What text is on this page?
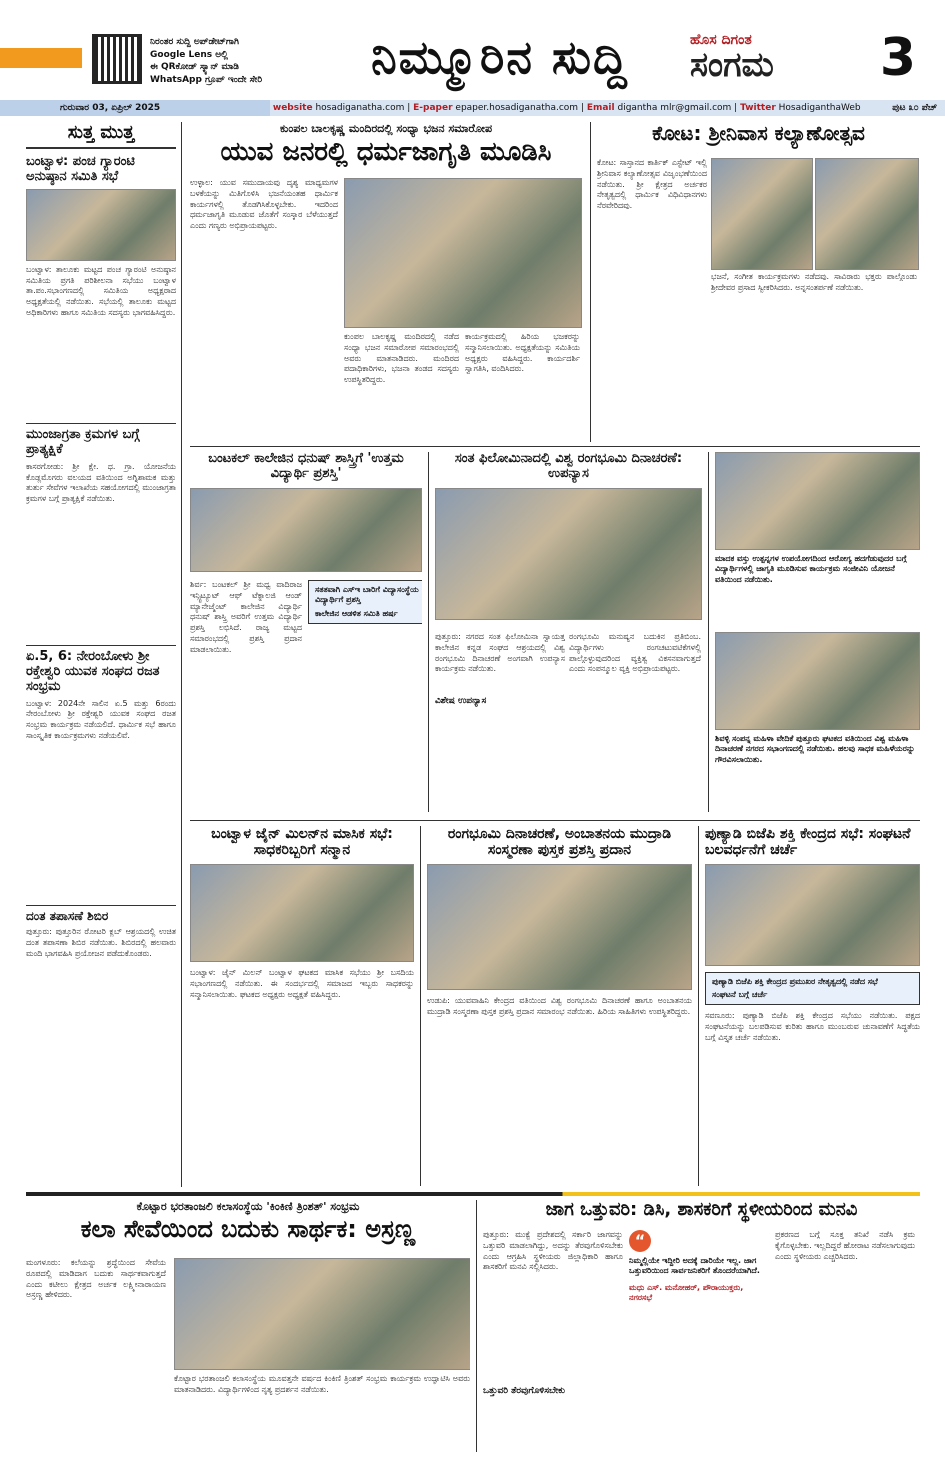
ನಿರಂತರ ಸುದ್ದಿ ಅಪ್‌ಡೇಟ್‌ಗಾಗಿ
Google Lens ಅಲ್ಲಿ
ಈ QRಕೋಡ್‌ ಸ್ಕ್ಯಾನ್ ಮಾಡಿ
WhatsApp ಗ್ರೂಪ್ ಇಂದೇ ಸೇರಿ	ನಿಮ್ಮೂರಿನ ಸುದ್ದಿ	ಹೊಸ ದಿಗಂತ
ಸಂಗಮ	3
ಗುರುವಾರ 03, ಏಪ್ರಿಲ್ 2025	website hosadiganatha.com | E-paper epaper.hosadiganatha.com | Email digantha mlr@gmail.com | Twitter HosadiganthaWeb	ಪುಟ ೩೦ ಪೆಚ್
ಸುತ್ತ ಮುತ್ತ
ಬಂಟ್ವಾಳ: ಪಂಚ ಗ್ಯಾರಂಟಿ ಅನುಷ್ಠಾನ ಸಮಿತಿ ಸಭೆ
ಬಂಟ್ವಾಳ: ತಾಲೂಕು ಮಟ್ಟದ ಪಂಚ ಗ್ಯಾರಂಟಿ ಅನುಷ್ಠಾನ ಸಮಿತಿಯ ಪ್ರಗತಿ ಪರಿಶೀಲನಾ ಸಭೆಯು ಬಂಟ್ವಾಳ ತಾ.ಪಂ.ಸಭಾಂಗಣದಲ್ಲಿ ಸಮಿತಿಯ ಅಧ್ಯಕ್ಷರಾದ ಅಧ್ಯಕ್ಷತೆಯಲ್ಲಿ ನಡೆಯಿತು. ಸಭೆಯಲ್ಲಿ ತಾಲೂಕು ಮಟ್ಟದ ಅಧಿಕಾರಿಗಳು ಹಾಗೂ ಸಮಿತಿಯ ಸದಸ್ಯರು ಭಾಗವಹಿಸಿದ್ದರು.
ಮುಂಜಾಗ್ರತಾ ಕ್ರಮಗಳ ಬಗ್ಗೆ ಪ್ರಾತ್ಯಕ್ಷಿಕೆ
ಕಾಸರಗೋಡು: ಶ್ರೀ ಕ್ಷೇ. ಧ. ಗ್ರಾ. ಯೋಜನೆಯ ಕೊಡ್ಲಮೊಗರು ವಲಯದ ವತಿಯಿಂದ ಅಗ್ನಿಶಾಮಕ ಮತ್ತು ತುರ್ತು ಸೇವೆಗಳ ಇಲಾಖೆಯ ಸಹಯೋಗದಲ್ಲಿ ಮುಂಜಾಗ್ರತಾ ಕ್ರಮಗಳ ಬಗ್ಗೆ ಪ್ರಾತ್ಯಕ್ಷಿಕೆ ನಡೆಯಿತು.
ಏ.5, 6: ನೇರಂಬೋಳು ಶ್ರೀ ರಕ್ತೇಶ್ವರಿ ಯುವಕ ಸಂಘದ ರಜತ ಸಂಭ್ರಮ
ಬಂಟ್ವಾಳ: 2024ನೇ ಸಾಲಿನ ಏ.5 ಮತ್ತು 6ರಂದು ನೇರಂಬೋಳು ಶ್ರೀ ರಕ್ತೇಶ್ವರಿ ಯುವಕ ಸಂಘದ ರಜತ ಸಂಭ್ರಮ ಕಾರ್ಯಕ್ರಮ ನಡೆಯಲಿದೆ. ಧಾರ್ಮಿಕ ಸಭೆ ಹಾಗೂ ಸಾಂಸ್ಕೃತಿಕ ಕಾರ್ಯಕ್ರಮಗಳು ನಡೆಯಲಿವೆ.
ದಂತ ತಪಾಸಣೆ ಶಿಬಿರ
ಪುತ್ತೂರು: ಪುತ್ತೂರಿನ ರೋಟರಿ ಕ್ಲಬ್ ಆಶ್ರಯದಲ್ಲಿ ಉಚಿತ ದಂತ ತಪಾಸಣಾ ಶಿಬಿರ ನಡೆಯಿತು. ಶಿಬಿರದಲ್ಲಿ ಹಲವಾರು ಮಂದಿ ಭಾಗವಹಿಸಿ ಪ್ರಯೋಜನ ಪಡೆದುಕೊಂಡರು.
ಕುಂಪಲ ಬಾಲಕೃಷ್ಣ ಮಂದಿರದಲ್ಲಿ ಸಂಧ್ಯಾ ಭಜನ ಸಮಾರೋಪ
ಯುವ ಜನರಲ್ಲಿ ಧರ್ಮಜಾಗೃತಿ ಮೂಡಿಸಿ
ಉಳ್ಳಾಲ: ಯುವ ಸಮುದಾಯವು ದೃಶ್ಯ ಮಾಧ್ಯಮಗಳ ಬಳಕೆಯನ್ನು ಮಿತಿಗೊಳಿಸಿ ಭಜನೆಯಂತಹ ಧಾರ್ಮಿಕ ಕಾರ್ಯಗಳಲ್ಲಿ ತೊಡಗಿಸಿಕೊಳ್ಳಬೇಕು. ಇದರಿಂದ ಧರ್ಮಜಾಗೃತಿ ಮೂಡುವ ಜೊತೆಗೆ ಸಂಸ್ಕಾರ ಬೆಳೆಯುತ್ತದೆ ಎಂದು ಗಣ್ಯರು ಅಭಿಪ್ರಾಯಪಟ್ಟರು.
ಕುಂಪಲ ಬಾಲಕೃಷ್ಣ ಮಂದಿರದಲ್ಲಿ ನಡೆದ ಸಂಧ್ಯಾ ಭಜನ ಸಮಾರೋಪ ಸಮಾರಂಭದಲ್ಲಿ ಅವರು ಮಾತನಾಡಿದರು. ಮಂದಿರದ ಪದಾಧಿಕಾರಿಗಳು, ಭಜನಾ ತಂಡದ ಸದಸ್ಯರು ಉಪಸ್ಥಿತರಿದ್ದರು.
ಕಾರ್ಯಕ್ರಮದಲ್ಲಿ ಹಿರಿಯ ಭಜಕರನ್ನು ಸನ್ಮಾನಿಸಲಾಯಿತು. ಅಧ್ಯಕ್ಷತೆಯನ್ನು ಸಮಿತಿಯ ಅಧ್ಯಕ್ಷರು ವಹಿಸಿದ್ದರು. ಕಾರ್ಯದರ್ಶಿ ಸ್ವಾಗತಿಸಿ, ವಂದಿಸಿದರು.
ಕೋಟ: ಶ್ರೀನಿವಾಸ ಕಲ್ಯಾಣೋತ್ಸವ
ಕೋಟ: ಸಾಸ್ತಾನದ ಕಾರ್ತಿಕ್ ಎಸ್ಟೇಟ್ ಇಲ್ಲಿ ಶ್ರೀನಿವಾಸ ಕಲ್ಯಾಣೋತ್ಸವ ವಿಜೃಂಭಣೆಯಿಂದ ನಡೆಯಿತು. ಶ್ರೀ ಕ್ಷೇತ್ರದ ಅರ್ಚಕರ ನೇತೃತ್ವದಲ್ಲಿ ಧಾರ್ಮಿಕ ವಿಧಿವಿಧಾನಗಳು ನೆರವೇರಿದವು.
ಭಜನೆ, ಸಂಗೀತ ಕಾರ್ಯಕ್ರಮಗಳು ನಡೆದವು. ಸಾವಿರಾರು ಭಕ್ತರು ಪಾಲ್ಗೊಂಡು ಶ್ರೀದೇವರ ಪ್ರಸಾದ ಸ್ವೀಕರಿಸಿದರು. ಅನ್ನಸಂತರ್ಪಣೆ ನಡೆಯಿತು.
ಬಂಟಕಲ್ ಕಾಲೇಜಿನ ಧನುಷ್ ಶಾಸ್ತ್ರಿಗೆ 'ಉತ್ತಮ ವಿದ್ಯಾರ್ಥಿ ಪ್ರಶಸ್ತಿ'
ಶಿರ್ವ: ಬಂಟಕಲ್ ಶ್ರೀ ಮಧ್ವ ವಾದಿರಾಜ ಇನ್ಸ್ಟಿಟ್ಯೂಟ್ ಆಫ್ ಟೆಕ್ನಾಲಜಿ ಆಂಡ್ ಮ್ಯಾನೇಜ್ಮೆಂಟ್ ಕಾಲೇಜಿನ ವಿದ್ಯಾರ್ಥಿ ಧನುಷ್ ಶಾಸ್ತ್ರಿ ಅವರಿಗೆ ಉತ್ತಮ ವಿದ್ಯಾರ್ಥಿ ಪ್ರಶಸ್ತಿ ಲಭಿಸಿದೆ. ರಾಜ್ಯ ಮಟ್ಟದ ಸಮಾರಂಭದಲ್ಲಿ ಪ್ರಶಸ್ತಿ ಪ್ರದಾನ ಮಾಡಲಾಯಿತು.
ಸತತವಾಗಿ ಎಸ್‌ಇ ಬಾರಿಗೆ ವಿದ್ಯಾಸಂಸ್ಥೆಯ ವಿದ್ಯಾರ್ಥಿಗೆ ಪ್ರಶಸ್ತಿ
ಕಾಲೇಜಿನ ಆಡಳಿತ ಸಮಿತಿ ಹರ್ಷ
ಸಂತ ಫಿಲೋಮಿನಾದಲ್ಲಿ ವಿಶ್ವ ರಂಗಭೂಮಿ ದಿನಾಚರಣೆ: ಉಪನ್ಯಾಸ
ಪುತ್ತೂರು: ನಗರದ ಸಂತ ಫಿಲೋಮಿನಾ ಸ್ವಾಯತ್ತ ಕಾಲೇಜಿನ ಕನ್ನಡ ಸಂಘದ ಆಶ್ರಯದಲ್ಲಿ ವಿಶ್ವ ರಂಗಭೂಮಿ ದಿನಾಚರಣೆ ಅಂಗವಾಗಿ ಉಪನ್ಯಾಸ ಕಾರ್ಯಕ್ರಮ ನಡೆಯಿತು.
ವಿಶೇಷ ಉಪನ್ಯಾಸ
ರಂಗಭೂಮಿ ಮನುಷ್ಯನ ಬದುಕಿನ ಪ್ರತಿಬಿಂಬ. ವಿದ್ಯಾರ್ಥಿಗಳು ರಂಗಚಟುವಟಿಕೆಗಳಲ್ಲಿ ಪಾಲ್ಗೊಳ್ಳುವುದರಿಂದ ವ್ಯಕ್ತಿತ್ವ ವಿಕಸನವಾಗುತ್ತದೆ ಎಂದು ಸಂಪನ್ಮೂಲ ವ್ಯಕ್ತಿ ಅಭಿಪ್ರಾಯಪಟ್ಟರು.
ಮಾದಕ ವಸ್ತು ಉತ್ಪನ್ನಗಳ ಉಪಯೋಗದಿಂದ ಆರೋಗ್ಯ ಹದಗೆಡುವುದರ ಬಗ್ಗೆ ವಿದ್ಯಾರ್ಥಿಗಳಲ್ಲಿ ಜಾಗೃತಿ ಮೂಡಿಸುವ ಕಾರ್ಯಕ್ರಮ ಸಂಜೀವಿನಿ ಯೋಜನೆ ವತಿಯಿಂದ ನಡೆಯಿತು.
ಶಿವಳ್ಳಿ ಸಂಪನ್ನ ಮಹಿಳಾ ವೇದಿಕೆ ಪುತ್ತೂರು ಘಟಕದ ವತಿಯಿಂದ ವಿಶ್ವ ಮಹಿಳಾ ದಿನಾಚರಣೆ ನಗರದ ಸಭಾಂಗಣದಲ್ಲಿ ನಡೆಯಿತು. ಹಲವು ಸಾಧಕ ಮಹಿಳೆಯರನ್ನು ಗೌರವಿಸಲಾಯಿತು.
ಬಂಟ್ವಾಳ ಜೈನ್ ಮಿಲನ್‌ನ ಮಾಸಿಕ ಸಭೆ: ಸಾಧಕರಿಬ್ಬರಿಗೆ ಸನ್ಮಾನ
ಬಂಟ್ವಾಳ: ಜೈನ್ ಮಿಲನ್ ಬಂಟ್ವಾಳ ಘಟಕದ ಮಾಸಿಕ ಸಭೆಯು ಶ್ರೀ ಬಸದಿಯ ಸಭಾಂಗಣದಲ್ಲಿ ನಡೆಯಿತು. ಈ ಸಂದರ್ಭದಲ್ಲಿ ಸಮಾಜದ ಇಬ್ಬರು ಸಾಧಕರನ್ನು ಸನ್ಮಾನಿಸಲಾಯಿತು. ಘಟಕದ ಅಧ್ಯಕ್ಷರು ಅಧ್ಯಕ್ಷತೆ ವಹಿಸಿದ್ದರು.
ರಂಗಭೂಮಿ ದಿನಾಚರಣೆ, ಅಂಬಾತನಯ ಮುದ್ರಾಡಿ ಸಂಸ್ಮರಣಾ ಪುಸ್ತಕ ಪ್ರಶಸ್ತಿ ಪ್ರದಾನ
ಉಡುಪಿ: ಯುವವಾಹಿನಿ ಕೇಂದ್ರದ ವತಿಯಿಂದ ವಿಶ್ವ ರಂಗಭೂಮಿ ದಿನಾಚರಣೆ ಹಾಗೂ ಅಂಬಾತನಯ ಮುದ್ರಾಡಿ ಸಂಸ್ಮರಣಾ ಪುಸ್ತಕ ಪ್ರಶಸ್ತಿ ಪ್ರದಾನ ಸಮಾರಂಭ ನಡೆಯಿತು. ಹಿರಿಯ ಸಾಹಿತಿಗಳು ಉಪಸ್ಥಿತರಿದ್ದರು.
ಪುಣ್ಯಾಡಿ ಬಿಜೆಪಿ ಶಕ್ತಿ ಕೇಂದ್ರದ ಸಭೆ: ಸಂಘಟನೆ ಬಲವರ್ಧನೆಗೆ ಚರ್ಚೆ
ಪುಣ್ಯಾಡಿ ಬಿಜೆಪಿ ಶಕ್ತಿ ಕೇಂದ್ರದ ಪ್ರಮುಖರ ನೇತೃತ್ವದಲ್ಲಿ ನಡೆದ ಸಭೆ
ಸಂಘಟನೆ ಬಗ್ಗೆ ಚರ್ಚೆ
ಸವಣೂರು: ಪುಣ್ಯಾಡಿ ಬಿಜೆಪಿ ಶಕ್ತಿ ಕೇಂದ್ರದ ಸಭೆಯು ನಡೆಯಿತು. ಪಕ್ಷದ ಸಂಘಟನೆಯನ್ನು ಬಲಪಡಿಸುವ ಕುರಿತು ಹಾಗೂ ಮುಂಬರುವ ಚುನಾವಣೆಗೆ ಸಿದ್ಧತೆಯ ಬಗ್ಗೆ ವಿಸ್ತೃತ ಚರ್ಚೆ ನಡೆಯಿತು.
ಕೊಟ್ಟಾರ ಭರತಾಂಜಲಿ ಕಲಾಸಂಸ್ಥೆಯ 'ಕಿಂಕಿಣಿ ತ್ರಿಂಶತ್' ಸಂಭ್ರಮ
ಕಲಾ ಸೇವೆಯಿಂದ ಬದುಕು ಸಾರ್ಥಕ: ಅಸ್ರಣ್ಣ
ಮಂಗಳೂರು: ಕಲೆಯನ್ನು ಶ್ರದ್ಧೆಯಿಂದ ಸೇವೆಯ ರೂಪದಲ್ಲಿ ಮಾಡಿದಾಗ ಬದುಕು ಸಾರ್ಥಕವಾಗುತ್ತದೆ ಎಂದು ಕಟೀಲು ಕ್ಷೇತ್ರದ ಅರ್ಚಕ ಲಕ್ಷ್ಮೀನಾರಾಯಣ ಅಸ್ರಣ್ಣ ಹೇಳಿದರು.
ಕೊಟ್ಟಾರ ಭರತಾಂಜಲಿ ಕಲಾಸಂಸ್ಥೆಯ ಮೂವತ್ತನೇ ವರ್ಷದ ಕಿಂಕಿಣಿ ತ್ರಿಂಶತ್ ಸಂಭ್ರಮ ಕಾರ್ಯಕ್ರಮ ಉದ್ಘಾಟಿಸಿ ಅವರು ಮಾತನಾಡಿದರು. ವಿದ್ಯಾರ್ಥಿಗಳಿಂದ ನೃತ್ಯ ಪ್ರದರ್ಶನ ನಡೆಯಿತು.
ಜಾಗ ಒತ್ತುವರಿ: ಡಿಸಿ, ಶಾಸಕರಿಗೆ ಸ್ಥಳೀಯರಿಂದ ಮನವಿ
ಪುತ್ತೂರು: ಮುಕ್ವೆ ಪ್ರದೇಶದಲ್ಲಿ ಸರ್ಕಾರಿ ಜಾಗವನ್ನು ಒತ್ತುವರಿ ಮಾಡಲಾಗಿದ್ದು, ಅದನ್ನು ತೆರವುಗೊಳಿಸಬೇಕು ಎಂದು ಆಗ್ರಹಿಸಿ ಸ್ಥಳೀಯರು ಜಿಲ್ಲಾಧಿಕಾರಿ ಹಾಗೂ ಶಾಸಕರಿಗೆ ಮನವಿ ಸಲ್ಲಿಸಿದರು.
ಒತ್ತುವರಿ ತೆರವುಗೊಳಿಸಬೇಕು
“
ನಿಮ್ಮಲ್ಲಿಯೇ ಇದ್ದೀರಿ ಅದಕ್ಕೆ ದಾರಿಯೇ ಇಲ್ಲ. ಜಾಗ ಒತ್ತುವರಿಯಿಂದ ಸಾರ್ವಜನಿಕರಿಗೆ ತೊಂದರೆಯಾಗಿದೆ.
ಮಧು ಎಸ್. ಮನೋಹರ್, ಪೌರಾಯುಕ್ತರು, ನಗರಸಭೆ
ಪ್ರಕರಣದ ಬಗ್ಗೆ ಸೂಕ್ತ ತನಿಖೆ ನಡೆಸಿ ಕ್ರಮ ಕೈಗೊಳ್ಳಬೇಕು. ಇಲ್ಲದಿದ್ದರೆ ಹೋರಾಟ ನಡೆಸಲಾಗುವುದು ಎಂದು ಸ್ಥಳೀಯರು ಎಚ್ಚರಿಸಿದರು.
